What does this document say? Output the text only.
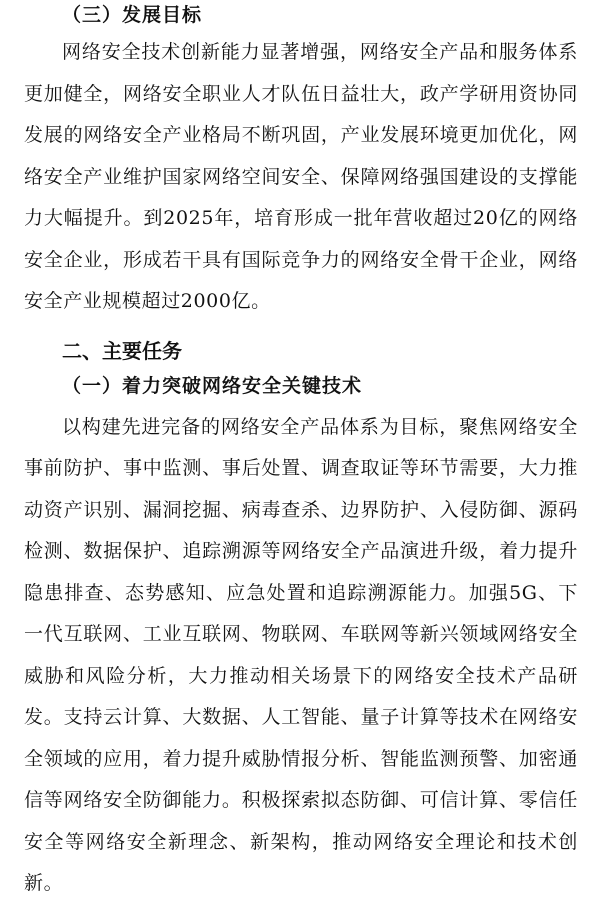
（三）发展目标

网络安全技术创新能力显著增强，网络安全产品和服务体系更加健全，网络安全职业人才队伍日益壮大，政产学研用资协同发展的网络安全产业格局不断巩固，产业发展环境更加优化，网络安全产业维护国家网络空间安全、保障网络强国建设的支撑能力大幅提升。到2025年，培育形成一批年营收超过20亿的网络安全企业，形成若干具有国际竞争力的网络安全骨干企业，网络安全产业规模超过2000亿。

二、主要任务
（一）着力突破网络安全关键技术

以构建先进完备的网络安全产品体系为目标，聚焦网络安全事前防护、事中监测、事后处置、调查取证等环节需要，大力推动资产识别、漏洞挖掘、病毒查杀、边界防护、入侵防御、源码检测、数据保护、追踪溯源等网络安全产品演进升级，着力提升隐患排查、态势感知、应急处置和追踪溯源能力。加强5G、下一代互联网、工业互联网、物联网、车联网等新兴领域网络安全威胁和风险分析，大力推动相关场景下的网络安全技术产品研发。支持云计算、大数据、人工智能、量子计算等技术在网络安全领域的应用，着力提升威胁情报分析、智能监测预警、加密通信等网络安全防御能力。积极探索拟态防御、可信计算、零信任安全等网络安全新理念、新架构，推动网络安全理论和技术创新。
